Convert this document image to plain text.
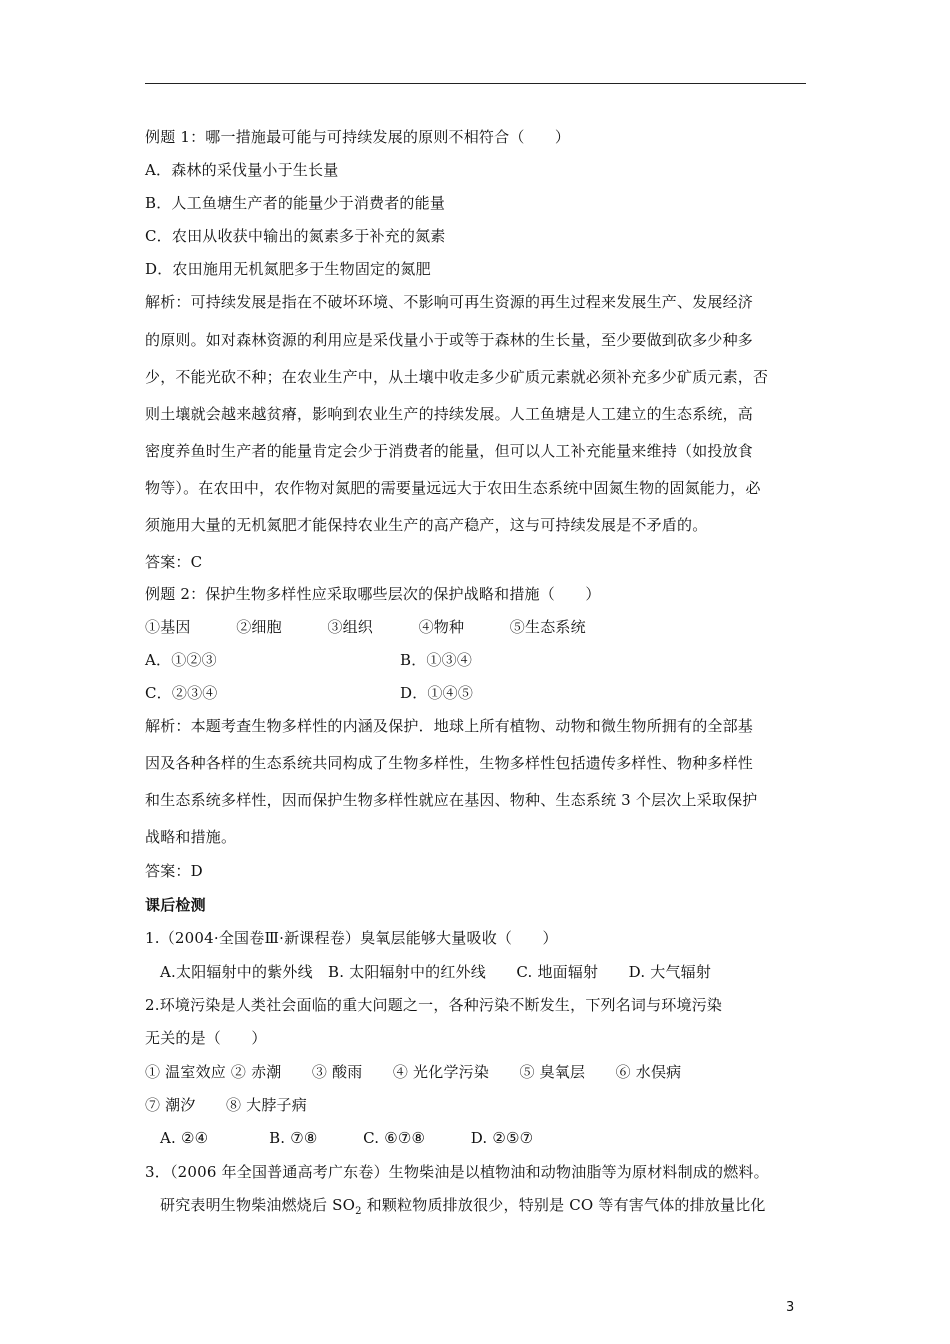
例题 1：哪一措施最可能与可持续发展的原则不相符合（　　）
A．森林的采伐量小于生长量
B．人工鱼塘生产者的能量少于消费者的能量
C．农田从收获中输出的氮素多于补充的氮素
D．农田施用无机氮肥多于生物固定的氮肥
解析：可持续发展是指在不破坏环境、不影响可再生资源的再生过程来发展生产、发展经济
的原则。如对森林资源的利用应是采伐量小于或等于森林的生长量，至少要做到砍多少种多
少，不能光砍不种；在农业生产中，从土壤中收走多少矿质元素就必须补充多少矿质元素，否
则土壤就会越来越贫瘠，影响到农业生产的持续发展。人工鱼塘是人工建立的生态系统，高
密度养鱼时生产者的能量肯定会少于消费者的能量，但可以人工补充能量来维持（如投放食
物等）。在农田中，农作物对氮肥的需要量远远大于农田生态系统中固氮生物的固氮能力，必
须施用大量的无机氮肥才能保持农业生产的高产稳产，这与可持续发展是不矛盾的。
答案：C
例题 2：保护生物多样性应采取哪些层次的保护战略和措施（　　）
①基因　　　②细胞　　　③组织　　　④物种　　　⑤生态系统
A．①②③	B．①③④
C．②③④	D．①④⑤
解析：本题考查生物多样性的内涵及保护．地球上所有植物、动物和微生物所拥有的全部基
因及各种各样的生态系统共同构成了生物多样性，生物多样性包括遗传多样性、物种多样性
和生态系统多样性，因而保护生物多样性就应在基因、物种、生态系统 3 个层次上采取保护
战略和措施。
答案：D
课后检测
1.（2004·全国卷Ⅲ·新课程卷）臭氧层能够大量吸收（　　）
A.太阳辐射中的紫外线　B. 太阳辐射中的红外线　　C. 地面辐射　　D. 大气辐射
2.环境污染是人类社会面临的重大问题之一，各种污染不断发生，下列名词与环境污染
无关的是（　　）
① 温室效应 ② 赤潮　　③ 酸雨　　④ 光化学污染　　⑤ 臭氧层　　⑥ 水俣病
⑦ 潮汐　　⑧ 大脖子病
A. ②④　　　　B. ⑦⑧　　　C. ⑥⑦⑧　　　D. ②⑤⑦
3．（2006 年全国普通高考广东卷）生物柴油是以植物油和动物油脂等为原材料制成的燃料。
研究表明生物柴油燃烧后 $SO_2$ 和颗粒物质排放很少，特别是 CO 等有害气体的排放量比化
3
